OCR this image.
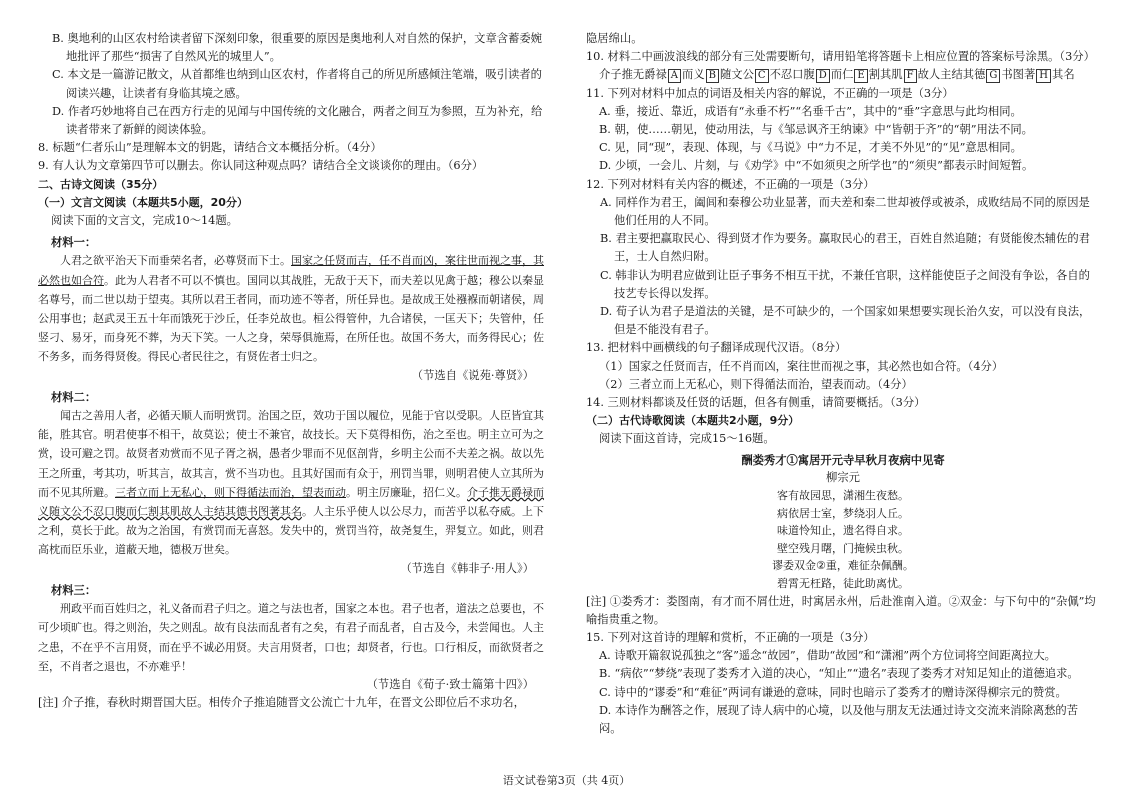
B. 奥地利的山区农村给读者留下深刻印象，很重要的原因是奥地利人对自然的保护，文章含蓄委婉地批评了那些“损害了自然风光的城里人”。

C. 本文是一篇游记散文，从首都维也纳到山区农村，作者将自己的所见所感倾注笔端，吸引读者的阅读兴趣，让读者有身临其境之感。

D. 作者巧妙地将自己在西方行走的见闻与中国传统的文化融合，两者之间互为参照，互为补充，给读者带来了新鲜的阅读体验。

8. 标题“仁者乐山”是理解本文的钥匙，请结合文本概括分析。（4分）

9. 有人认为文章第四节可以删去。你认同这种观点吗？请结合全文谈谈你的理由。（6分）

二、古诗文阅读（35分）

（一）文言文阅读（本题共5小题，20分）

阅读下面的文言文，完成10～14题。

材料一：

人君之欲平治天下而垂荣名者，必尊贤而下士。国家之任贤而吉，任不肖而凶，案往世而视之事，其必然也如合符。此为人君者不可以不慎也。国同以其战胜，无敌于天下，而夫差以见禽于越；穆公以秦显名尊号，而二世以劫于望夷。其所以君王者同，而功迹不等者，所任异也。是故成王处襁褓而朝诸侯，周公用事也；赵武灵王五十年而饿死于沙丘，任李兑故也。桓公得管仲，九合诸侯，一匡天下；失管仲，任竖刁、易牙，而身死不葬，为天下笑。一人之身，荣辱俱施焉，在所任也。故国不务大，而务得民心；佐不务多，而务得贤俊。得民心者民往之，有贤佐者士归之。

（节选自《说苑·尊贤》）

材料二：

闻古之善用人者，必循天顺人而明赏罚。治国之臣，效功于国以履位，见能于官以受职。人臣皆宜其能，胜其官。明君使事不相干，故莫讼；使士不兼官，故技长。天下莫得相伤，治之至也。明主立可为之赏，设可避之罚。故贤者劝赏而不见子胥之祸，愚者少罪而不见伛剖背，乡明主公而不夫差之祸。故以先王之所重，考其功，听其言，故其言，赏不当功也。且其好国而有众于，刑罚当罪，则明君使人立其所为而不见其所避。三者立而上无私心，则下得循法而治，望表而动。明主厉廉耻，招仁义。介子推无爵禄而义随文公不忍口腹而仁割其肌故人主结其德书图著其名。人主乐乎使人以公尽力，而苦乎以私夺威。上下之利，莫长于此。故为之治国，有赏罚而无喜怒。发失中的，赏罚当符，故尧复生，羿复立。如此，则君高枕而臣乐业，道蔽天地，德极万世矣。

（节选自《韩非子·用人》）

材料三：

刑政平而百姓归之，礼义备而君子归之。道之与法也者，国家之本也。君子也者，道法之总要也，不可少顷旷也。得之则治，失之则乱。故有良法而乱者有之矣，有君子而乱者，自古及今，未尝闻也。人主之患，不在乎不言用贤，而在乎不诚必用贤。夫言用贤者，口也；却贤者，行也。口行相反，而欲贤者之至，不肖者之退也，不亦难乎！

（节选自《荀子·致士篇第十四》）

[注] 介子推，春秋时期晋国大臣。相传介子推追随晋文公流亡十九年，在晋文公即位后不求功名，

隐居绵山。

10. 材料二中画波浪线的部分有三处需要断句，请用铅笔将答题卡上相应位置的答案标号涂黑。（3分）

介子推无爵禄 A 而义 B 随文公 C 不忍口腹 D 而仁 E 割其肌 F 故人主结其德 G 书图著 H 其名

11. 下列对材料中加点的词语及相关内容的解说，不正确的一项是（3分）

A. 垂，接近、靠近，成语有“永垂不朽”“名垂千古”，其中的“垂”字意思与此均相同。

B. 朝，使……朝见，使动用法，与《邹忌讽齐王纳谏》中“皆朝于齐”的“朝”用法不同。

C. 见，同“现”，表现、体现，与《马说》中“力不足，才美不外见”的“见”意思相同。

D. 少顷，一会儿、片刻，与《劝学》中“不如须臾之所学也”的“须臾”都表示时间短暂。

12. 下列对材料有关内容的概述，不正确的一项是（3分）

A. 同样作为君王，阖闾和秦穆公功业显著，而夫差和秦二世却被俘或被杀，成败结局不同的原因是他们任用的人不同。

B. 君主要把赢取民心、得到贤才作为要务。赢取民心的君王，百姓自然追随；有贤能俊杰辅佐的君王，士人自然归附。

C. 韩非认为明君应做到让臣子事务不相互干扰，不兼任官职，这样能使臣子之间没有争讼，各自的技艺专长得以发挥。

D. 荀子认为君子是道法的关键，是不可缺少的，一个国家如果想要实现长治久安，可以没有良法，但是不能没有君子。

13. 把材料中画横线的句子翻译成现代汉语。（8分）

（1）国家之任贤而吉，任不肖而凶，案往世而视之事，其必然也如合符。（4分）

（2）三者立而上无私心，则下得循法而治，望表而动。（4分）

14. 三则材料都谈及任贤的话题，但各有侧重，请简要概括。（3分）

（二）古代诗歌阅读（本题共2小题，9分）

阅读下面这首诗，完成15～16题。

酬娄秀才①寓居开元寺早秋月夜病中见寄

柳宗元

客有故园思，潇湘生夜愁。

病依居士室，梦绕羽人丘。

味道怜知止，遗名得自求。

壁空残月曙，门掩候虫秋。

谬委双金②重，难征杂佩酬。

碧霄无枉路，徒此助离忧。

[注] ①娄秀才：娄图南，有才而不屑仕进，时寓居永州，后赴淮南入道。②双金：与下句中的“杂佩”均喻指贵重之物。

15. 下列对这首诗的理解和赏析，不正确的一项是（3分）

A. 诗歌开篇叙说孤独之“客”遥念“故园”，借助“故园”和“潇湘”两个方位词将空间距离拉大。

B. “病依”“梦绕”表现了娄秀才入道的决心，“知止”“遗名”表现了娄秀才对知足知止的道德追求。

C. 诗中的“谬委”和“难征”两词有谦逊的意味，同时也暗示了娄秀才的赠诗深得柳宗元的赞赏。

D. 本诗作为酬答之作，展现了诗人病中的心境，以及他与朋友无法通过诗文交流来消除离愁的苦闷。

语文试卷第3页（共 4页）
